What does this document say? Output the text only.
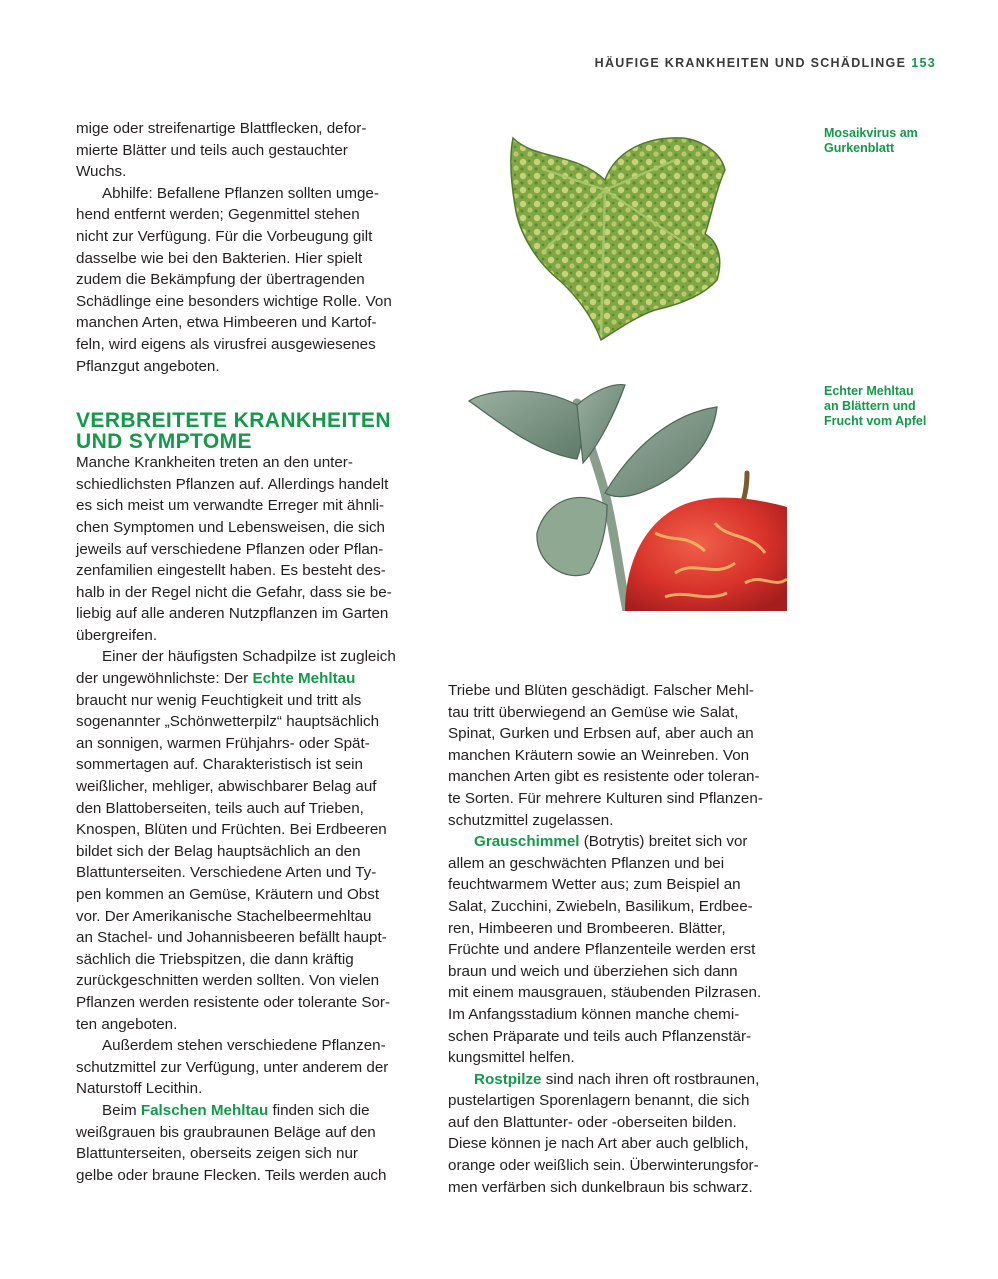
HÄUFIGE KRANKHEITEN UND SCHÄDLINGE 153
Mosaikvirus am
Gurkenblatt
Echter Mehltau
an Blättern und
Frucht vom Apfel

mige oder streifenartige Blattflecken, defor-
mierte Blätter und teils auch gestauchter
Wuchs.

Abhilfe: Befallene Pflanzen sollten umge-
hend entfernt werden; Gegenmittel stehen
nicht zur Verfügung. Für die Vorbeugung gilt
dasselbe wie bei den Bakterien. Hier spielt
zudem die Bekämpfung der übertragenden
Schädlinge eine besonders wichtige Rolle. Von
manchen Arten, etwa Himbeeren und Kartof-
feln, wird eigens als virusfrei ausgewiesenes
Pflanzgut angeboten.

VERBREITETE KRANKHEITEN
UND SYMPTOME

Manche Krankheiten treten an den unter-
schiedlichsten Pflanzen auf. Allerdings handelt
es sich meist um verwandte Erreger mit ähnli-
chen Symptomen und Lebensweisen, die sich
jeweils auf verschiedene Pflanzen oder Pflan-
zenfamilien eingestellt haben. Es besteht des-
halb in der Regel nicht die Gefahr, dass sie be-
liebig auf alle anderen Nutzpflanzen im Garten
übergreifen.

Einer der häufigsten Schadpilze ist zugleich
der ungewöhnlichste: Der Echte Mehltau
braucht nur wenig Feuchtigkeit und tritt als
sogenannter „Schönwetterpilz“ hauptsächlich
an sonnigen, warmen Frühjahrs- oder Spät-
sommertagen auf. Charakteristisch ist sein
weißlicher, mehliger, abwischbarer Belag auf
den Blattoberseiten, teils auch auf Trieben,
Knospen, Blüten und Früchten. Bei Erdbeeren
bildet sich der Belag hauptsächlich an den
Blattunterseiten. Verschiedene Arten und Ty-
pen kommen an Gemüse, Kräutern und Obst
vor. Der Amerikanische Stachelbeermehltau
an Stachel- und Johannisbeeren befällt haupt-
sächlich die Triebspitzen, die dann kräftig
zurückgeschnitten werden sollten. Von vielen
Pflanzen werden resistente oder tolerante Sor-
ten angeboten.

Außerdem stehen verschiedene Pflanzen-
schutzmittel zur Verfügung, unter anderem der
Naturstoff Lecithin.

Beim Falschen Mehltau finden sich die
weißgrauen bis graubraunen Beläge auf den
Blattunterseiten, oberseits zeigen sich nur
gelbe oder braune Flecken. Teils werden auch

Triebe und Blüten geschädigt. Falscher Mehl-
tau tritt überwiegend an Gemüse wie Salat,
Spinat, Gurken und Erbsen auf, aber auch an
manchen Kräutern sowie an Weinreben. Von
manchen Arten gibt es resistente oder toleran-
te Sorten. Für mehrere Kulturen sind Pflanzen-
schutzmittel zugelassen.

Grauschimmel (Botrytis) breitet sich vor
allem an geschwächten Pflanzen und bei
feuchtwarmem Wetter aus; zum Beispiel an
Salat, Zucchini, Zwiebeln, Basilikum, Erdbee-
ren, Himbeeren und Brombeeren. Blätter,
Früchte und andere Pflanzenteile werden erst
braun und weich und überziehen sich dann
mit einem mausgrauen, stäubenden Pilzrasen.
Im Anfangsstadium können manche chemi-
schen Präparate und teils auch Pflanzenstär-
kungsmittel helfen.

Rostpilze sind nach ihren oft rostbraunen,
pustelartigen Sporenlagern benannt, die sich
auf den Blattunter- oder -oberseiten bilden.
Diese können je nach Art aber auch gelblich,
orange oder weißlich sein. Überwinterungsfor-
men verfärben sich dunkelbraun bis schwarz.
